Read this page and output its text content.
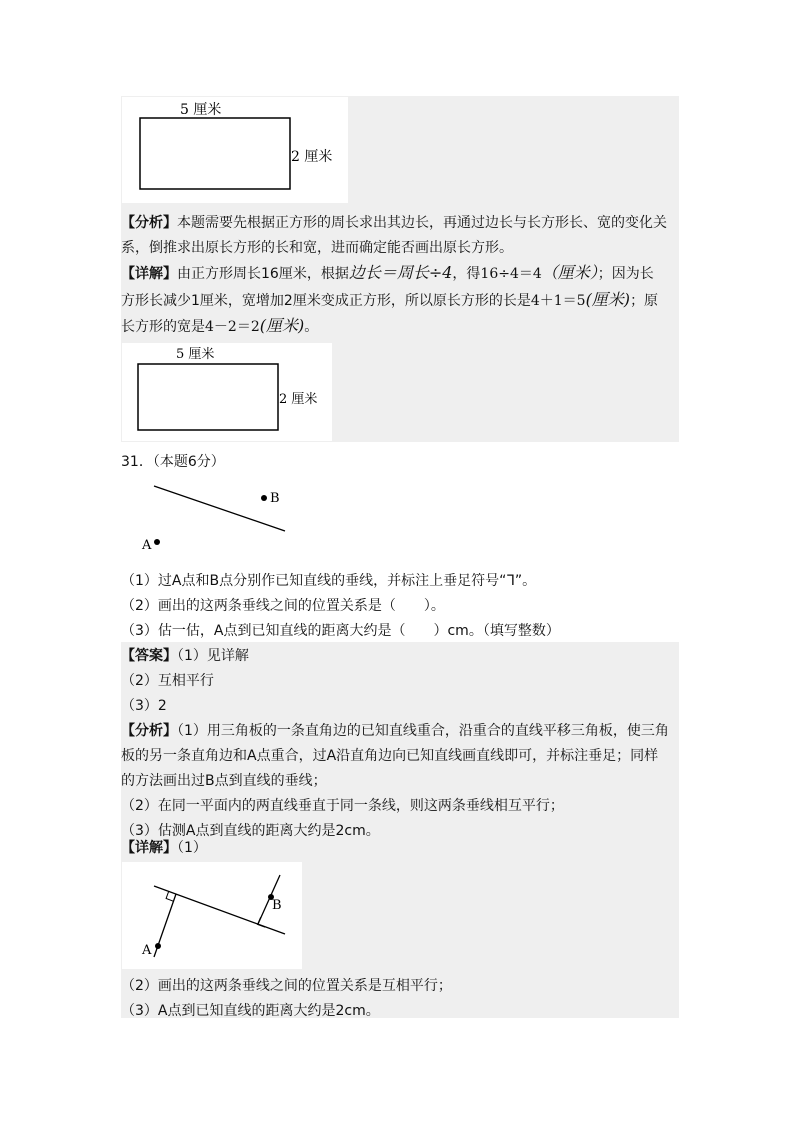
5 厘米
2 厘米
【分析】本题需要先根据正方形的周长求出其边长，再通过边长与长方形长、宽的变化关
系，倒推求出原长方形的长和宽，进而确定能否画出原长方形。
【详解】由正方形周长16厘米，根据边长＝周长÷4，得16÷4＝4（厘米）；因为长
方形长减少1厘米，宽增加2厘米变成正方形，所以原长方形的长是4＋1＝5(厘米)；原
长方形的宽是4－2＝2(厘米)。
5 厘米
2 厘米
31．（本题6分）
B
A
（1）过A点和B点分别作已知直线的垂线，并标注上垂足符号“ᒣ”。
（2）画出的这两条垂线之间的位置关系是（　　）。
（3）估一估，A点到已知直线的距离大约是（　　）cm。（填写整数）
【答案】（1）见详解
（2）互相平行
（3）2
【分析】（1）用三角板的一条直角边的已知直线重合，沿重合的直线平移三角板，使三角
板的另一条直角边和A点重合，过A沿直角边向已知直线画直线即可，并标注垂足；同样
的方法画出过B点到直线的垂线；
（2）在同一平面内的两直线垂直于同一条线，则这两条垂线相互平行；
（3）估测A点到直线的距离大约是2cm。
【详解】（1）
A
B
（2）画出的这两条垂线之间的位置关系是互相平行；
（3）A点到已知直线的距离大约是2cm。
